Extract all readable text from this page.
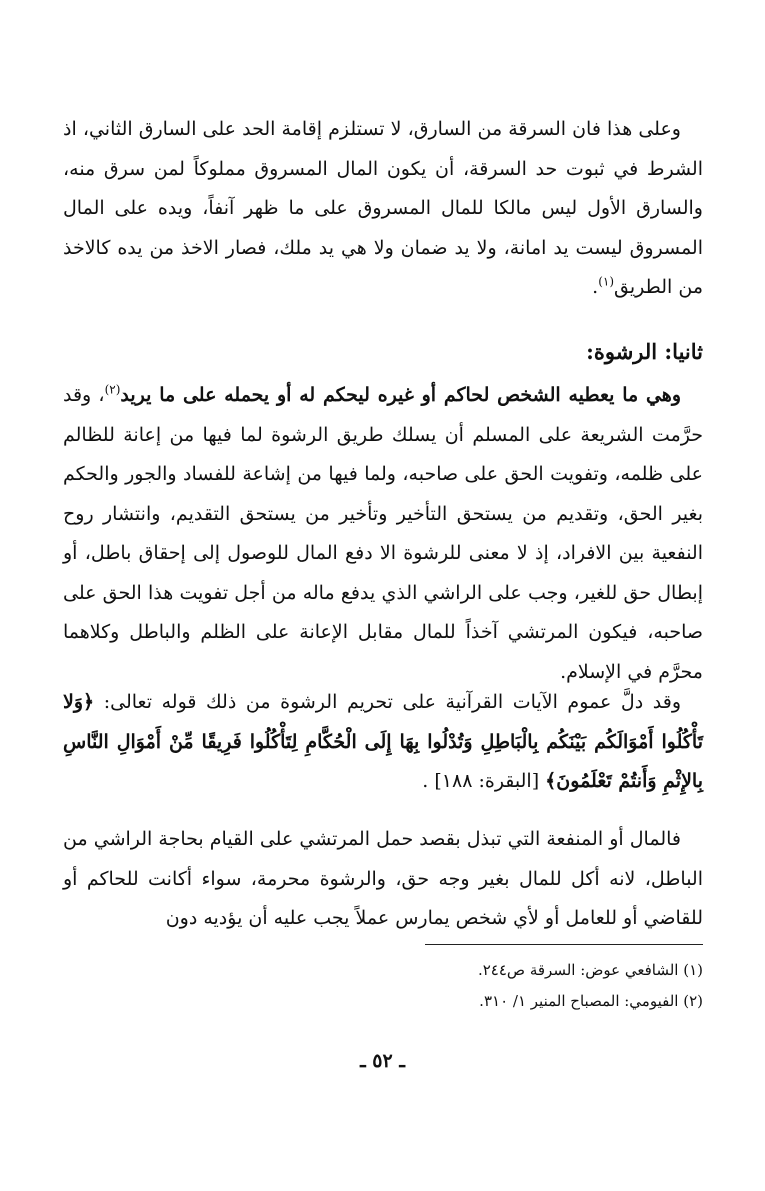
وعلى هذا فان السرقة من السارق، لا تستلزم إقامة الحد على السارق الثاني، اذ الشرط في ثبوت حد السرقة، أن يكون المال المسروق مملوكاً لمن سرق منه، والسارق الأول ليس مالكا للمال المسروق على ما ظهر آنفاً، ويده على المال المسروق ليست يد امانة، ولا يد ضمان ولا هي يد ملك، فصار الاخذ من يده كالاخذ من الطريق$^{(١)}$.
ثانيا: الرشوة:
وهي ما يعطيه الشخص لحاكم أو غيره ليحكم له أو يحمله على ما يريد$^{(٢)}$، وقد حرَّمت الشريعة على المسلم أن يسلك طريق الرشوة لما فيها من إعانة للظالم على ظلمه، وتفويت الحق على صاحبه، ولما فيها من إشاعة للفساد والجور والحكم بغير الحق، وتقديم من يستحق التأخير وتأخير من يستحق التقديم، وانتشار روح النفعية بين الافراد، إذ لا معنى للرشوة الا دفع المال للوصول إلى إحقاق باطل، أو إبطال حق للغير، وجب على الراشي الذي يدفع ماله من أجل تفويت هذا الحق على صاحبه، فيكون المرتشي آخذاً للمال مقابل الإعانة على الظلم والباطل وكلاهما محرَّم في الإسلام.
وقد دلَّ عموم الآيات القرآنية على تحريم الرشوة من ذلك قوله تعالى: ﴿وَلا تَأْكُلُوا أَمْوَالَكُم بَيْنَكُم بِالْبَاطِلِ وَتُدْلُوا بِهَا إِلَى الْحُكَّامِ لِتَأْكُلُوا فَرِيقًا مِّنْ أَمْوَالِ النَّاسِ بِالإِثْمِ وَأَنتُمْ تَعْلَمُونَ﴾ [البقرة: ١٨٨] .
فالمال أو المنفعة التي تبذل بقصد حمل المرتشي على القيام بحاجة الراشي من الباطل، لانه أكل للمال بغير وجه حق، والرشوة محرمة، سواء أكانت للحاكم أو للقاضي أو للعامل أو لأي شخص يمارس عملاً يجب عليه أن يؤديه دون
(١) الشافعي عوض: السرقة ص٢٤٤.
(٢) الفيومي: المصباح المنير ١/ ٣١٠.
ـ ٥٢ ـ
